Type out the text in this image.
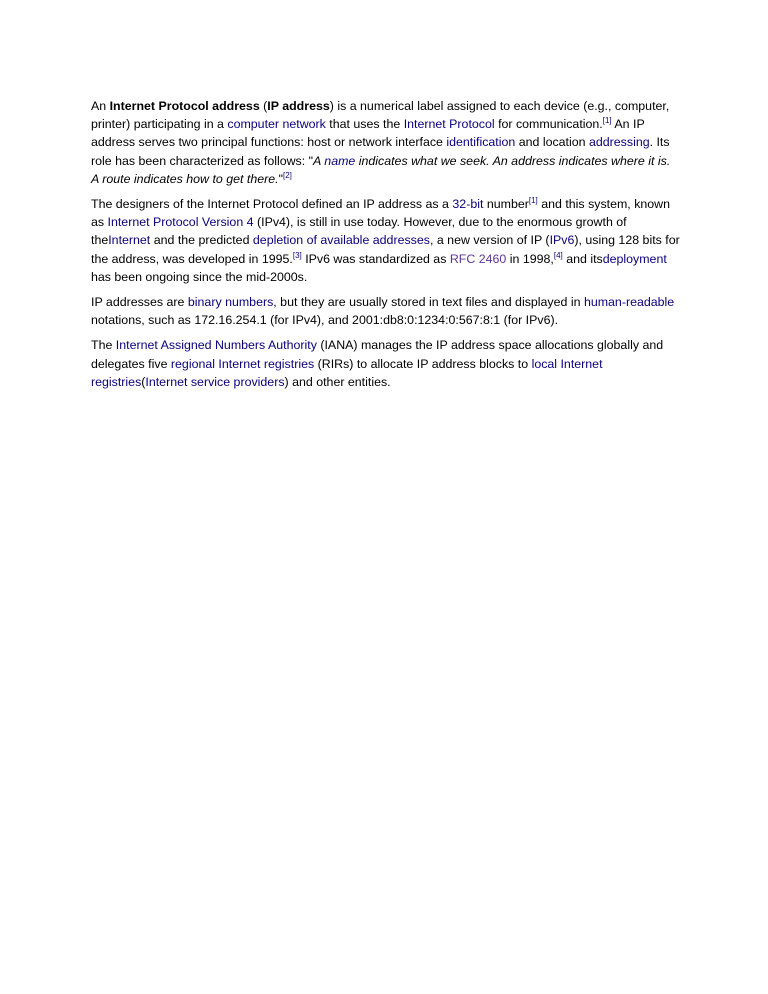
An Internet Protocol address (IP address) is a numerical label assigned to each device (e.g., computer, printer) participating in a computer network that uses the Internet Protocol for communication.[1] An IP address serves two principal functions: host or network interface identification and location addressing. Its role has been characterized as follows: "A name indicates what we seek. An address indicates where it is. A route indicates how to get there."[2]

The designers of the Internet Protocol defined an IP address as a 32-bit number[1] and this system, known as Internet Protocol Version 4 (IPv4), is still in use today. However, due to the enormous growth of theInternet and the predicted depletion of available addresses, a new version of IP (IPv6), using 128 bits for the address, was developed in 1995.[3] IPv6 was standardized as RFC 2460 in 1998,[4] and itsdeployment has been ongoing since the mid-2000s.

IP addresses are binary numbers, but they are usually stored in text files and displayed in human-readable notations, such as 172.16.254.1 (for IPv4), and 2001:db8:0:1234:0:567:8:1 (for IPv6).

The Internet Assigned Numbers Authority (IANA) manages the IP address space allocations globally and delegates five regional Internet registries (RIRs) to allocate IP address blocks to local Internet registries(Internet service providers) and other entities.
